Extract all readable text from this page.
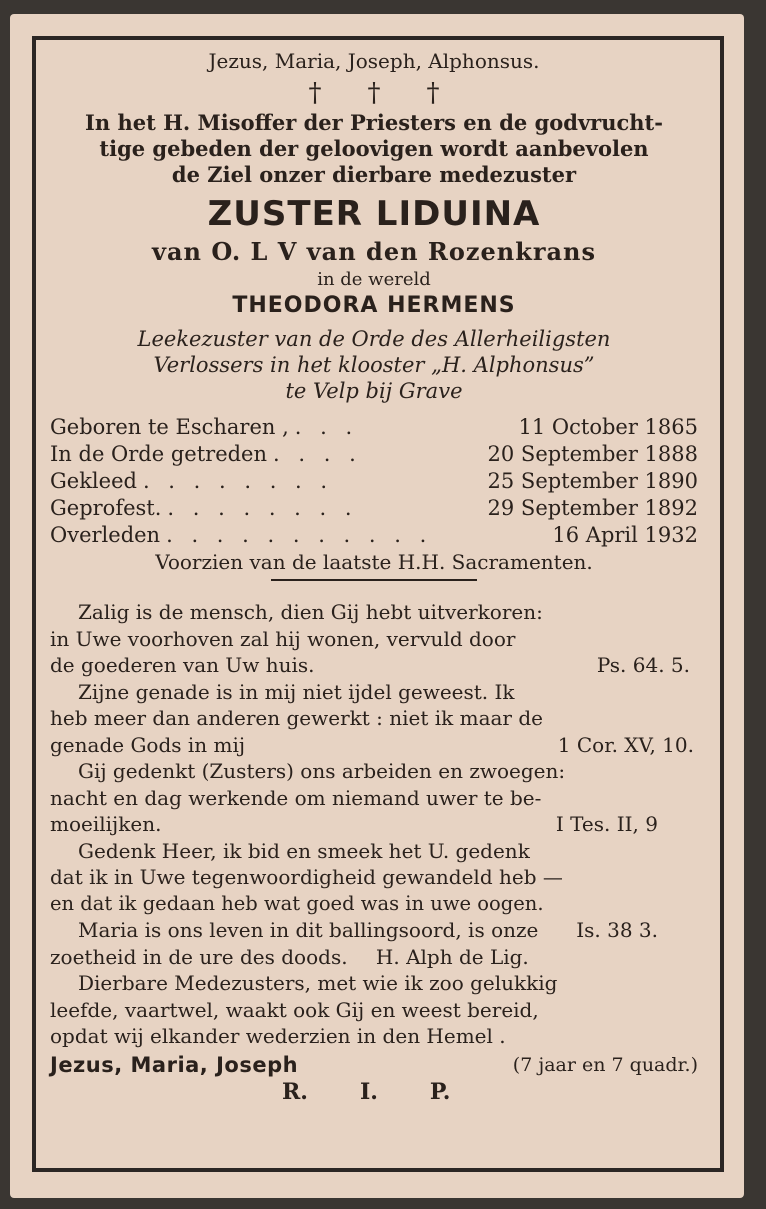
Jezus, Maria, Joseph, Alphonsus.
† † †
In het H. Misoffer der Priesters en de godvrucht-
tige gebeden der geloovigen wordt aanbevolen
de Ziel onzer dierbare medezuster
ZUSTER LIDUINA
van O. L V van den Rozenkrans
in de wereld
THEODORA HERMENS
Leekezuster van de Orde des Allerheiligsten
Verlossers in het klooster „H. Alphonsus”
te Velp bij Grave
Geboren te Escharen , . . .	11 October 1865
In de Orde getreden . . . .	20 September 1888
Gekleed . . . . . . . .	25 September 1890
Geprofest. . . . . . . . .	29 September 1892
Overleden . . . . . . . . . . .	16 April 1932
Voorzien van de laatste H.H. Sacramenten.
Zalig is de mensch, dien Gij hebt uitverkoren:
in Uwe voorhoven zal hij wonen, vervuld door
de goederen van Uw huis.	Ps. 64. 5.
Zijne genade is in mij niet ijdel geweest. Ik
heb meer dan anderen gewerkt : niet ik maar de
genade Gods in mij	1 Cor. XV, 10.
Gij gedenkt (Zusters) ons arbeiden en zwoegen:
nacht en dag werkende om niemand uwer te be-
moeilijken.	I Tes. II, 9
Gedenk Heer, ik bid en smeek het U. gedenk
dat ik in Uwe tegenwoordigheid gewandeld heb —
en dat ik gedaan heb wat goed was in uwe oogen.
Is. 38 3.
Maria is ons leven in dit ballingsoord, is onze
zoetheid in de ure des doods. H. Alph de Lig.
Dierbare Medezusters, met wie ik zoo gelukkig
leefde, vaartwel, waakt ook Gij en weest bereid,
opdat wij elkander wederzien in den Hemel .
Jezus, Maria, Joseph	(7 jaar en 7 quadr.)
R. I. P.
